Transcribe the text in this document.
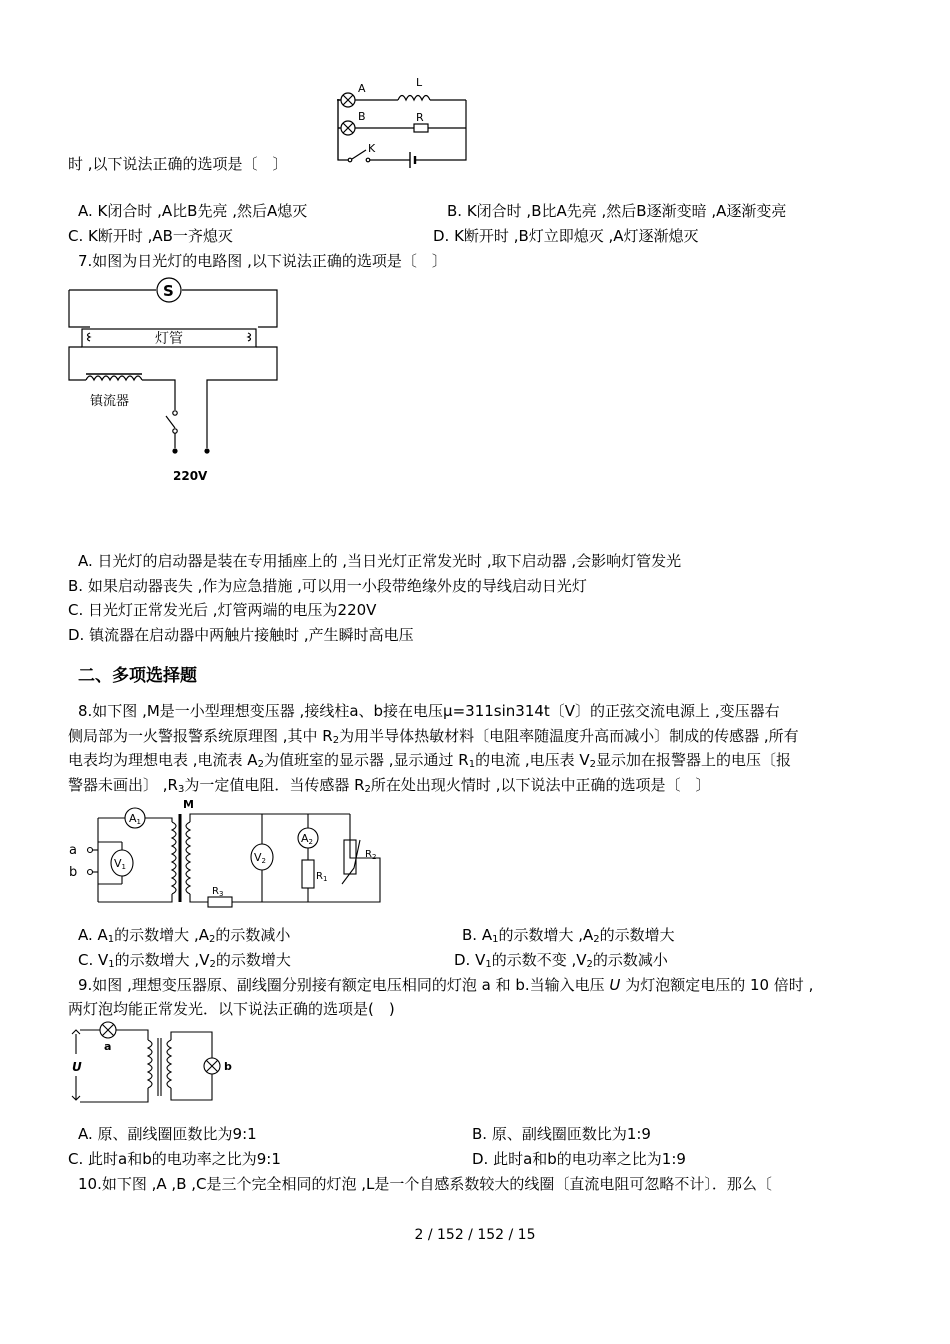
A	L
B	R
K
时 ,以下说法正确的选项是〔　〕
A. K闭合时 ,A比B先亮 ,然后A熄灭	B. K闭合时 ,B比A先亮 ,然后B逐渐变暗 ,A逐渐变亮
C. K断开时 ,AB一齐熄灭	D. K断开时 ,B灯立即熄灭 ,A灯逐渐熄灭
7.如图为日光灯的电路图 ,以下说法正确的选项是〔　〕
S
灯管
镇流器
220V
A. 日光灯的启动器是装在专用插座上的 ,当日光灯正常发光时 ,取下启动器 ,会影响灯管发光
B. 如果启动器丧失 ,作为应急措施 ,可以用一小段带绝缘外皮的导线启动日光灯
C. 日光灯正常发光后 ,灯管两端的电压为220V
D. 镇流器在启动器中两触片接触时 ,产生瞬时高电压
二、多项选择题
8.如下图 ,M是一小型理想变压器 ,接线柱a、b接在电压μ=311sin314t〔V〕的正弦交流电源上 ,变压器右
侧局部为一火警报警系统原理图 ,其中 $R_2$为用半导体热敏材料〔电阻率随温度升高而减小〕制成的传感器 ,所有
电表均为理想电表 ,电流表 $A_2$为值班室的显示器 ,显示通过 $R_1$的电流 ,电压表 $V_2$显示加在报警器上的电压〔报
警器未画出〕 $,R_3$为一定值电阻．当传感器 $R_2$所在处出现火情时 ,以下说法中正确的选项是〔　〕
A1
V1
V2
A2
$R_1$
$R_2$
$R_3$
M
a
b
A. $A_1$的示数增大 $,A_2$的示数减小	B. $A_1$的示数增大 $,A_2$的示数增大
C. $V_1$的示数增大 $,V_2$的示数增大	D. $V_1$的示数不变 $,V_2$的示数减小
9.如图 ,理想变压器原、副线圈分别接有额定电压相同的灯泡 a 和 b.当输入电压 U 为灯泡额定电压的 10 倍时 ,
两灯泡均能正常发光．以下说法正确的选项是(　)
U
a
b
A. 原、副线圈匝数比为9:1	B. 原、副线圈匝数比为1:9
C. 此时a和b的电功率之比为9:1	D. 此时a和b的电功率之比为1:9
10.如下图 ,A ,B ,C是三个完全相同的灯泡 ,L是一个自感系数较大的线圈〔直流电阻可忽略不计〕．那么〔
2 / 152 / 152 / 15
